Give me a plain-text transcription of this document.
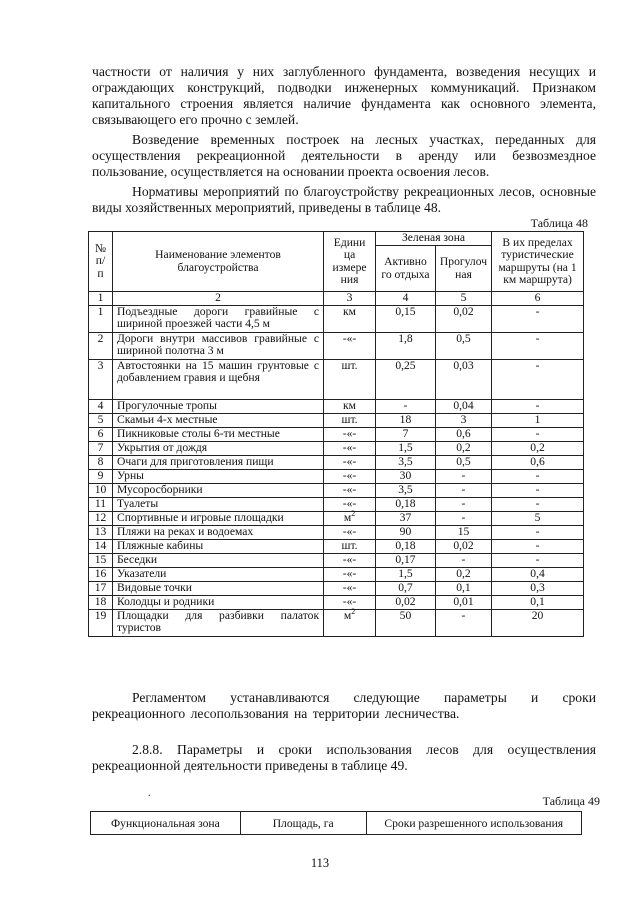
частности от наличия у них заглубленного фундамента, возведения несущих и ограждающих конструкций, подводки инженерных коммуникаций. Признаком капитального строения является наличие фундамента как основного элемента, связывающего его прочно с землей.

Возведение временных построек на лесных участках, переданных для осуществления рекреационной деятельности в аренду или безвозмездное пользование, осуществляется на основании проекта освоения лесов.

Нормативы мероприятий по благоустройству рекреационных лесов, основные виды хозяйственных мероприятий, приведены в таблице 48.

Таблица 48
№ п/п	Наименование элементов благоустройства	Едини ца измере ния	Зеленая зона		В их пределах туристические маршруты (на 1 км маршрута)
			Активно го отдыха	Прогулоч ная	
1	2	3	4	5	6
1	Подъездные дороги гравийные с шириной проезжей части 4,5 м	км	0,15	0,02	-
2	Дороги внутри массивов гравийные с шириной полотна 3 м	-«-	1,8	0,5	-
3	Автостоянки на 15 машин грунтовые с добавлением гравия и щебня	шт.	0,25	0,03	-
4	Прогулочные тропы	км	-	0,04	-
5	Скамьи 4-х местные	шт.	18	3	1
6	Пикниковые столы 6-ти местные	-«-	7	0,6	-
7	Укрытия от дождя	-«-	1,5	0,2	0,2
8	Очаги для приготовления пищи	-«-	3,5	0,5	0,6
9	Урны	-«-	30	-	-
10	Мусоросборники	-«-	3,5	-	-
11	Туалеты	-«-	0,18	-	-
12	Спортивные и игровые площадки	$м^2$	37	-	5
13	Пляжи на реках и водоемах	-«-	90	15	-
14	Пляжные кабины	шт.	0,18	0,02	-
15	Беседки	-«-	0,17	-	-
16	Указатели	-«-	1,5	0,2	0,4
17	Видовые точки	-«-	0,7	0,1	0,3
18	Колодцы и родники	-«-	0,02	0,01	0,1
19	Площадки для разбивки палаток туристов	$м^2$	50	-	20

Регламентом устанавливаются следующие параметры и сроки рекреационного лесопользования на территории лесничества.

2.8.8. Параметры и сроки использования лесов для осуществления рекреационной деятельности приведены в таблице 49.

.
Таблица 49
Функциональная зона	Площадь, га	Сроки разрешенного использования
113
